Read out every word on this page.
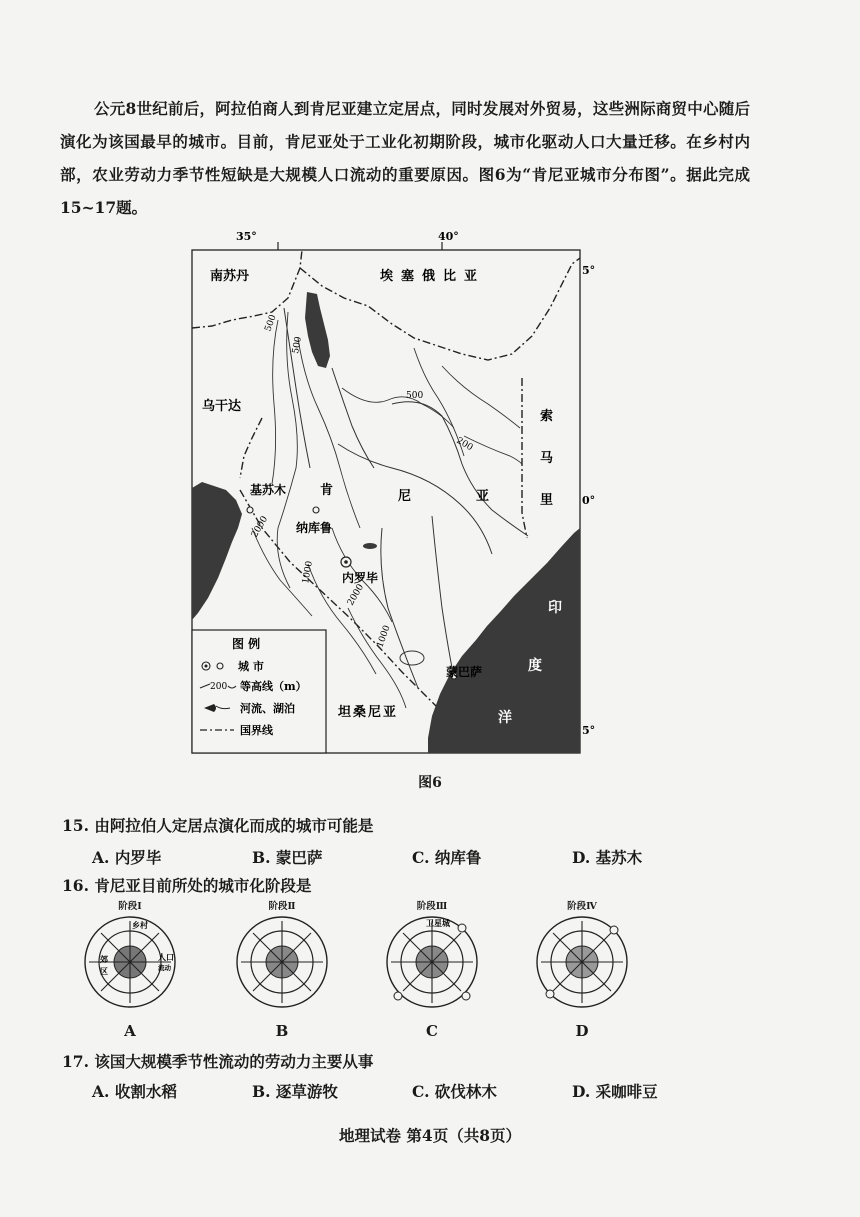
公元8世纪前后，阿拉伯商人到肯尼亚建立定居点，同时发展对外贸易，这些洲际商贸中心随后演化为该国最早的城市。目前，肯尼亚处于工业化初期阶段，城市化驱动人口大量迁移。在乡村内部，农业劳动力季节性短缺是大规模人口流动的重要原因。图6为“肯尼亚城市分布图”。据此完成15~17题。
35°	40°
5°
0°
5°
500
500
500
200
2000
1000
2000
1000
南苏丹	埃塞俄比亚
乌干达
索
马
里
肯	尼	亚
坦桑尼亚
印
度
洋
基苏木
纳库鲁
内罗毕
蒙巴萨
图 例
城 市
200 等高线（m）
河流、湖泊
国界线
图6
15. 由阿拉伯人定居点演化而成的城市可能是
A. 内罗毕	B. 蒙巴萨	C. 纳库鲁	D. 基苏木
16. 肯尼亚目前所处的城市化阶段是
阶段Ⅰ
乡村
郊
区
人口
流动
A
阶段Ⅱ
B
阶段Ⅲ
卫星城
C
阶段Ⅳ
D
17. 该国大规模季节性流动的劳动力主要从事
A. 收割水稻	B. 逐草游牧	C. 砍伐林木	D. 采咖啡豆
地理试卷 第4页（共8页）
